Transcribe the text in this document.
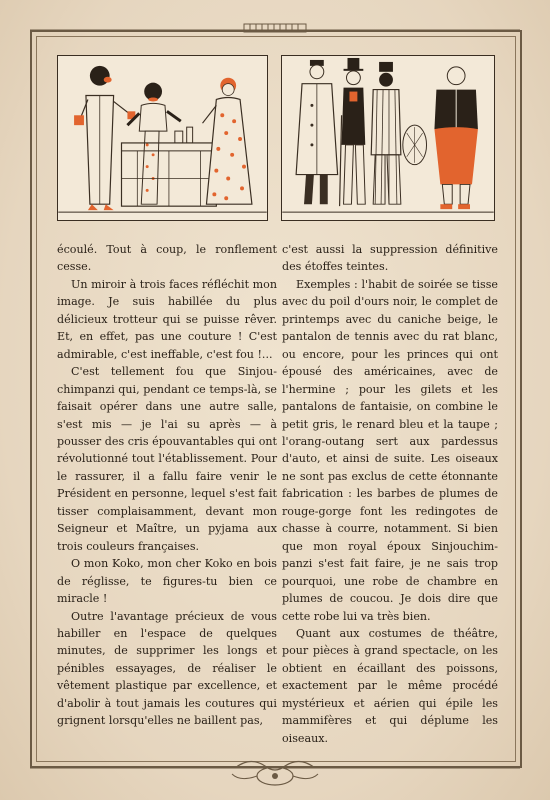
écoulé. Tout à coup, le ronflement cesse.

Un miroir à trois faces réfléchit mon image. Je suis habillée du plus délicieux trotteur qui se puisse rêver. Et, en effet, pas une couture ! C'est admirable, c'est ineffable, c'est fou !...

C'est tellement fou que Sinjou-chimpanzi qui, pendant ce temps-là, se faisait opérer dans une autre salle, s'est mis — je l'ai su après — à pousser des cris épouvantables qui ont révolutionné tout l'établissement. Pour le rassurer, il a fallu faire venir le Président en personne, lequel s'est fait tisser complaisamment, devant mon Seigneur et Maître, un pyjama aux trois couleurs françaises.

O mon Koko, mon cher Koko en bois de réglisse, te figures-tu bien ce miracle !

Outre l'avantage précieux de vous habiller en l'espace de quelques minutes, de supprimer les longs et pénibles essayages, de réaliser le vêtement plastique par excellence, et d'abolir à tout jamais les coutures qui grignent lorsqu'elles ne baillent pas,

c'est aussi la suppression définitive des étoffes teintes.

Exemples : l'habit de soirée se tisse avec du poil d'ours noir, le complet de printemps avec du caniche beige, le pantalon de tennis avec du rat blanc, ou encore, pour les princes qui ont épousé des américaines, avec de l'hermine ; pour les gilets et les pantalons de fantaisie, on combine le petit gris, le renard bleu et la taupe ; l'orang-outang sert aux pardessus d'auto, et ainsi de suite. Les oiseaux ne sont pas exclus de cette étonnante fabrication : les barbes de plumes de rouge-gorge font les redingotes de chasse à courre, notamment. Si bien que mon royal époux Sinjouchim-panzi s'est fait faire, je ne sais trop pourquoi, une robe de chambre en plumes de coucou. Je dois dire que cette robe lui va très bien.

Quant aux costumes de théâtre, pour pièces à grand spectacle, on les obtient en écaillant des poissons, exactement par le même procédé mystérieux et aérien qui épile les mammifères et qui déplume les oiseaux.
